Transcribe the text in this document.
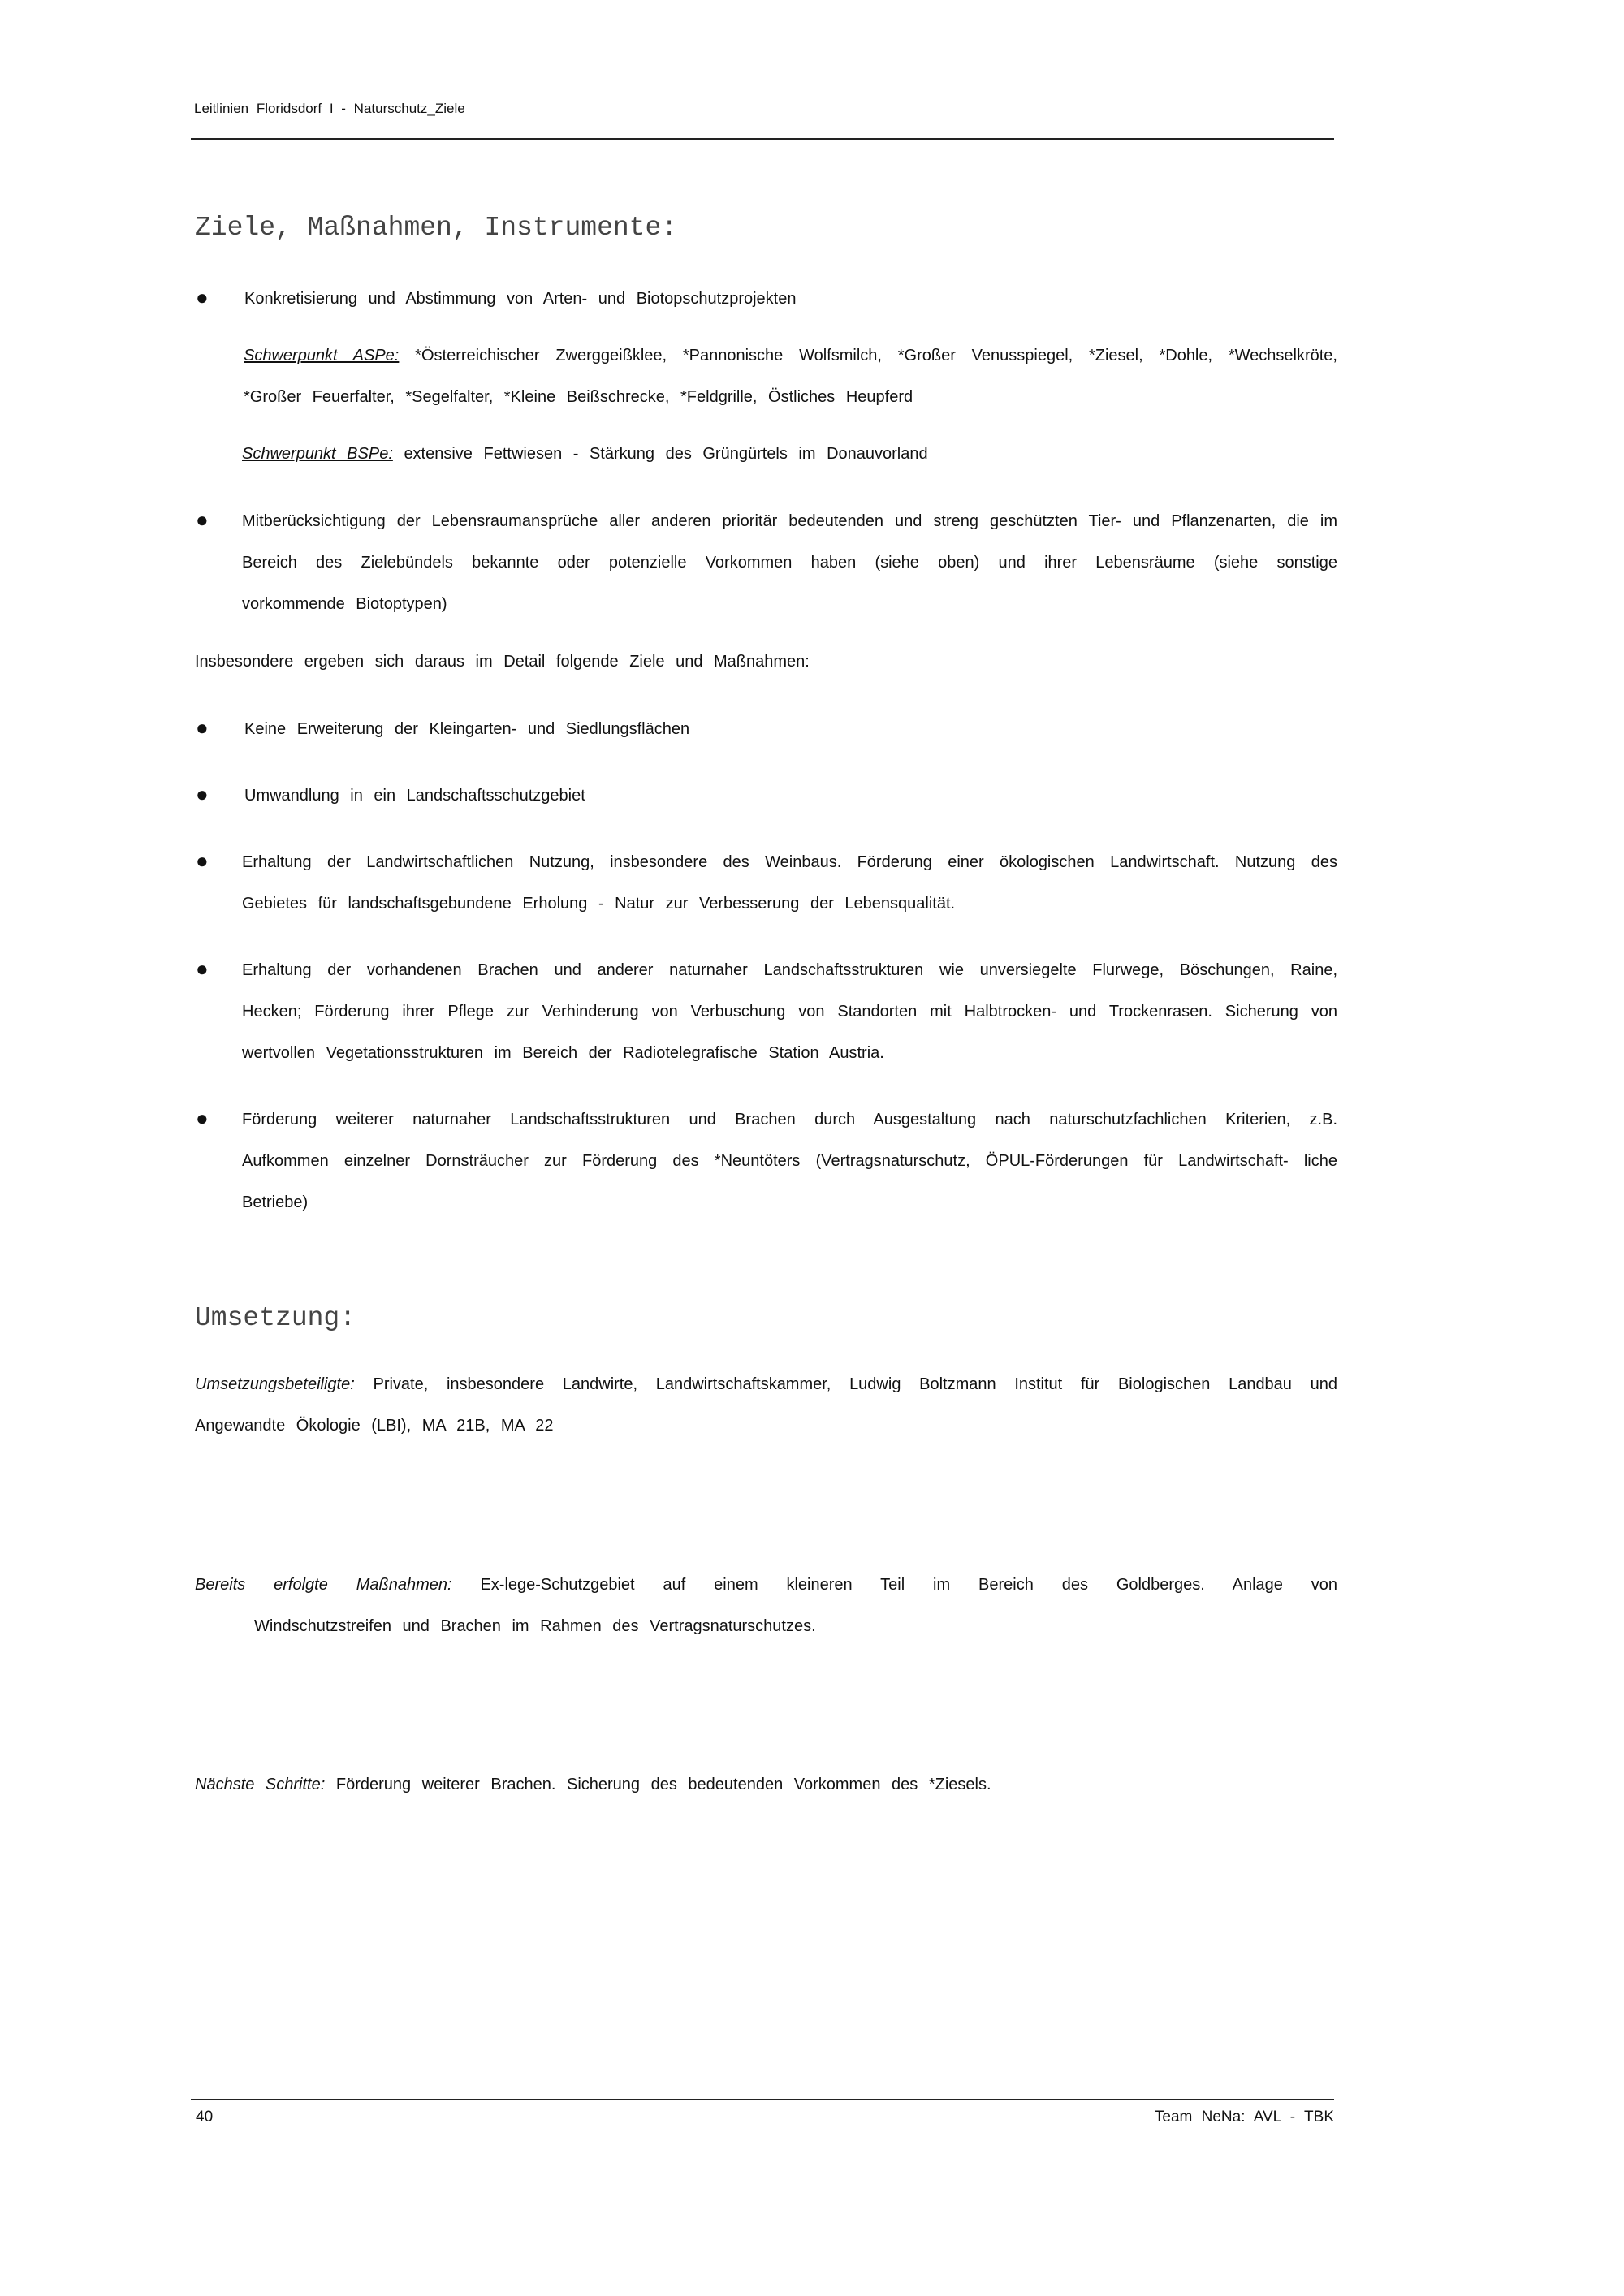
Leitlinien Floridsdorf I - Naturschutz_Ziele
Ziele, Maßnahmen, Instrumente:
● Konkretisierung und Abstimmung von Arten- und Biotopschutzprojekten

Schwerpunkt ASPe: *Österreichischer Zwerggeißklee, *Pannonische Wolfsmilch, *Großer Venusspiegel, *Ziesel, *Dohle, *Wechselkröte, *Großer Feuerfalter, *Segelfalter, *Kleine Beißschrecke, *Feldgrille, Östliches Heupferd

Schwerpunkt BSPe: extensive Fettwiesen - Stärkung des Grüngürtels im Donauvorland

● Mitberücksichtigung der Lebensraumansprüche aller anderen prioritär bedeutenden und streng geschützten Tier- und Pflanzenarten, die im Bereich des Zielebündels bekannte oder potenzielle Vorkommen haben (siehe oben) und ihrer Lebensräume (siehe sonstige vorkommende Biotoptypen)

Insbesondere ergeben sich daraus im Detail folgende Ziele und Maßnahmen:

● Keine Erweiterung der Kleingarten- und Siedlungsflächen

● Umwandlung in ein Landschaftsschutzgebiet

● Erhaltung der Landwirtschaftlichen Nutzung, insbesondere des Weinbaus. Förderung einer ökologischen Landwirtschaft. Nutzung des Gebietes für landschaftsgebundene Erholung - Natur zur Verbesserung der Lebensqualität.

● Erhaltung der vorhandenen Brachen und anderer naturnaher Landschaftsstrukturen wie unversiegelte Flurwege, Böschungen, Raine, Hecken; Förderung ihrer Pflege zur Verhinderung von Verbuschung von Standorten mit Halbtrocken- und Trockenrasen. Sicherung von wertvollen Vegetationsstrukturen im Bereich der Radiotelegrafische Station Austria.

● Förderung weiterer naturnaher Landschaftsstrukturen und Brachen durch Ausgestaltung nach naturschutzfachlichen Kriterien, z.B. Aufkommen einzelner Dornsträucher zur Förderung des *Neuntöters (Vertragsnaturschutz, ÖPUL-Förderungen für Landwirtschaft- liche Betriebe)

Umsetzung:

Umsetzungsbeteiligte: Private, insbesondere Landwirte, Landwirtschaftskammer, Ludwig Boltzmann Institut für Biologischen Landbau und Angewandte Ökologie (LBI), MA 21B, MA 22

Bereits erfolgte Maßnahmen: Ex-lege-Schutzgebiet auf einem kleineren Teil im Bereich des Goldberges. Anlage von

Windschutzstreifen und Brachen im Rahmen des Vertragsnaturschutzes.

Nächste Schritte: Förderung weiterer Brachen. Sicherung des bedeutenden Vorkommen des *Ziesels.

40	Team NeNa: AVL - TBK
